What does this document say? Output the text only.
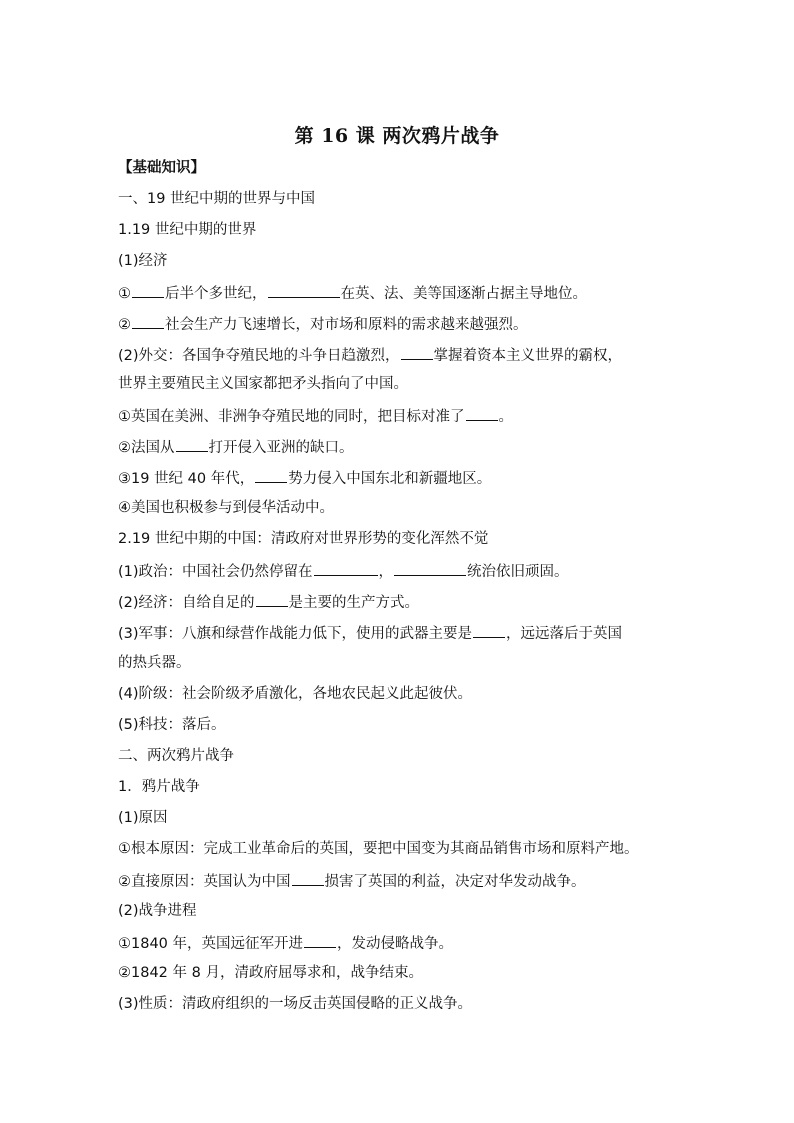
第 16 课 两次鸦片战争
【基础知识】
一、19 世纪中期的世界与中国
1.19 世纪中期的世界
(1)经济
① 后半个多世纪，	在英、法、美等国逐渐占据主导地位。
② 社会生产力飞速增长，对市场和原料的需求越来越强烈。
(2)外交：各国争夺殖民地的斗争日趋激烈， 掌握着资本主义世界的霸权，
世界主要殖民主义国家都把矛头指向了中国。
①英国在美洲、非洲争夺殖民地的同时，把目标对准了 。
②法国从 打开侵入亚洲的缺口。
③19 世纪 40 年代， 势力侵入中国东北和新疆地区。
④美国也积极参与到侵华活动中。
2.19 世纪中期的中国：清政府对世界形势的变化浑然不觉
(1)政治：中国社会仍然停留在	，	统治依旧顽固。
(2)经济：自给自足的 是主要的生产方式。
(3)军事：八旗和绿营作战能力低下，使用的武器主要是 ，远远落后于英国
的热兵器。
(4)阶级：社会阶级矛盾激化，各地农民起义此起彼伏。
(5)科技：落后。
二、两次鸦片战争
1．鸦片战争
(1)原因
①根本原因：完成工业革命后的英国，要把中国变为其商品销售市场和原料产地。
②直接原因：英国认为中国 损害了英国的利益，决定对华发动战争。
(2)战争进程
①1840 年，英国远征军开进 ，发动侵略战争。
②1842 年 8 月，清政府屈辱求和，战争结束。
(3)性质：清政府组织的一场反击英国侵略的正义战争。
